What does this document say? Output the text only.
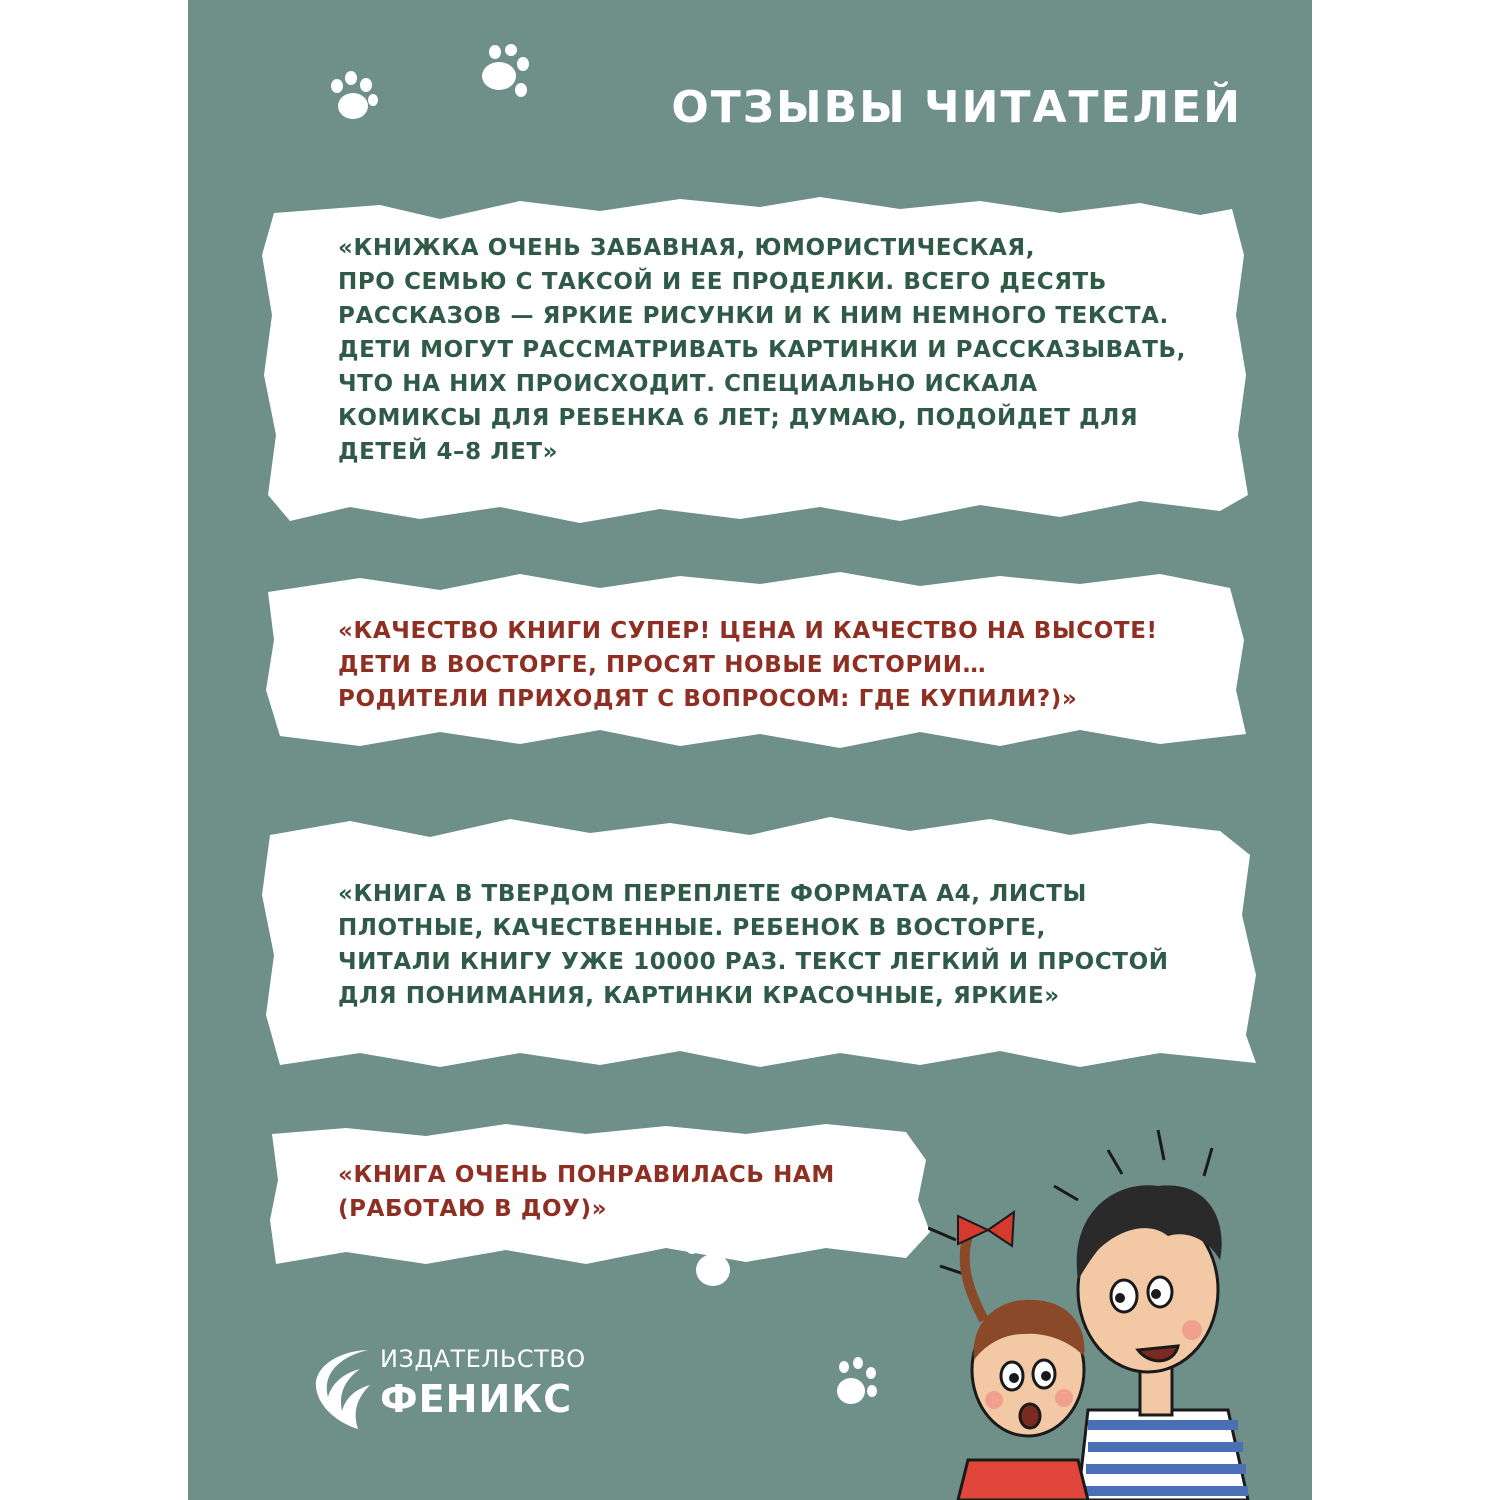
ОТЗЫВЫ ЧИТАТЕЛЕЙ
«КНИЖКА ОЧЕНЬ ЗАБАВНАЯ, ЮМОРИСТИЧЕСКАЯ,
ПРО СЕМЬЮ С ТАКСОЙ И ЕЕ ПРОДЕЛКИ. ВСЕГО ДЕСЯТЬ
РАССКАЗОВ — ЯРКИЕ РИСУНКИ И К НИМ НЕМНОГО ТЕКСТА.
ДЕТИ МОГУТ РАССМАТРИВАТЬ КАРТИНКИ И РАССКАЗЫВАТЬ,
ЧТО НА НИХ ПРОИСХОДИТ. СПЕЦИАЛЬНО ИСКАЛА
КОМИКСЫ ДЛЯ РЕБЕНКА 6 ЛЕТ; ДУМАЮ, ПОДОЙДЕТ ДЛЯ
ДЕТЕЙ 4–8 ЛЕТ»
«КАЧЕСТВО КНИГИ СУПЕР! ЦЕНА И КАЧЕСТВО НА ВЫСОТЕ!
ДЕТИ В ВОСТОРГЕ, ПРОСЯТ НОВЫЕ ИСТОРИИ…
РОДИТЕЛИ ПРИХОДЯТ С ВОПРОСОМ: ГДЕ КУПИЛИ?)»
«КНИГА В ТВЕРДОМ ПЕРЕПЛЕТЕ ФОРМАТА А4, ЛИСТЫ
ПЛОТНЫЕ, КАЧЕСТВЕННЫЕ. РЕБЕНОК В ВОСТОРГЕ,
ЧИТАЛИ КНИГУ УЖЕ 10000 РАЗ. ТЕКСТ ЛЕГКИЙ И ПРОСТОЙ
ДЛЯ ПОНИМАНИЯ, КАРТИНКИ КРАСОЧНЫЕ, ЯРКИЕ»
«КНИГА ОЧЕНЬ ПОНРАВИЛАСЬ НАМ
(РАБОТАЮ В ДОУ)»
ИЗДАТЕЛЬСТВО
ФЕНИКС
